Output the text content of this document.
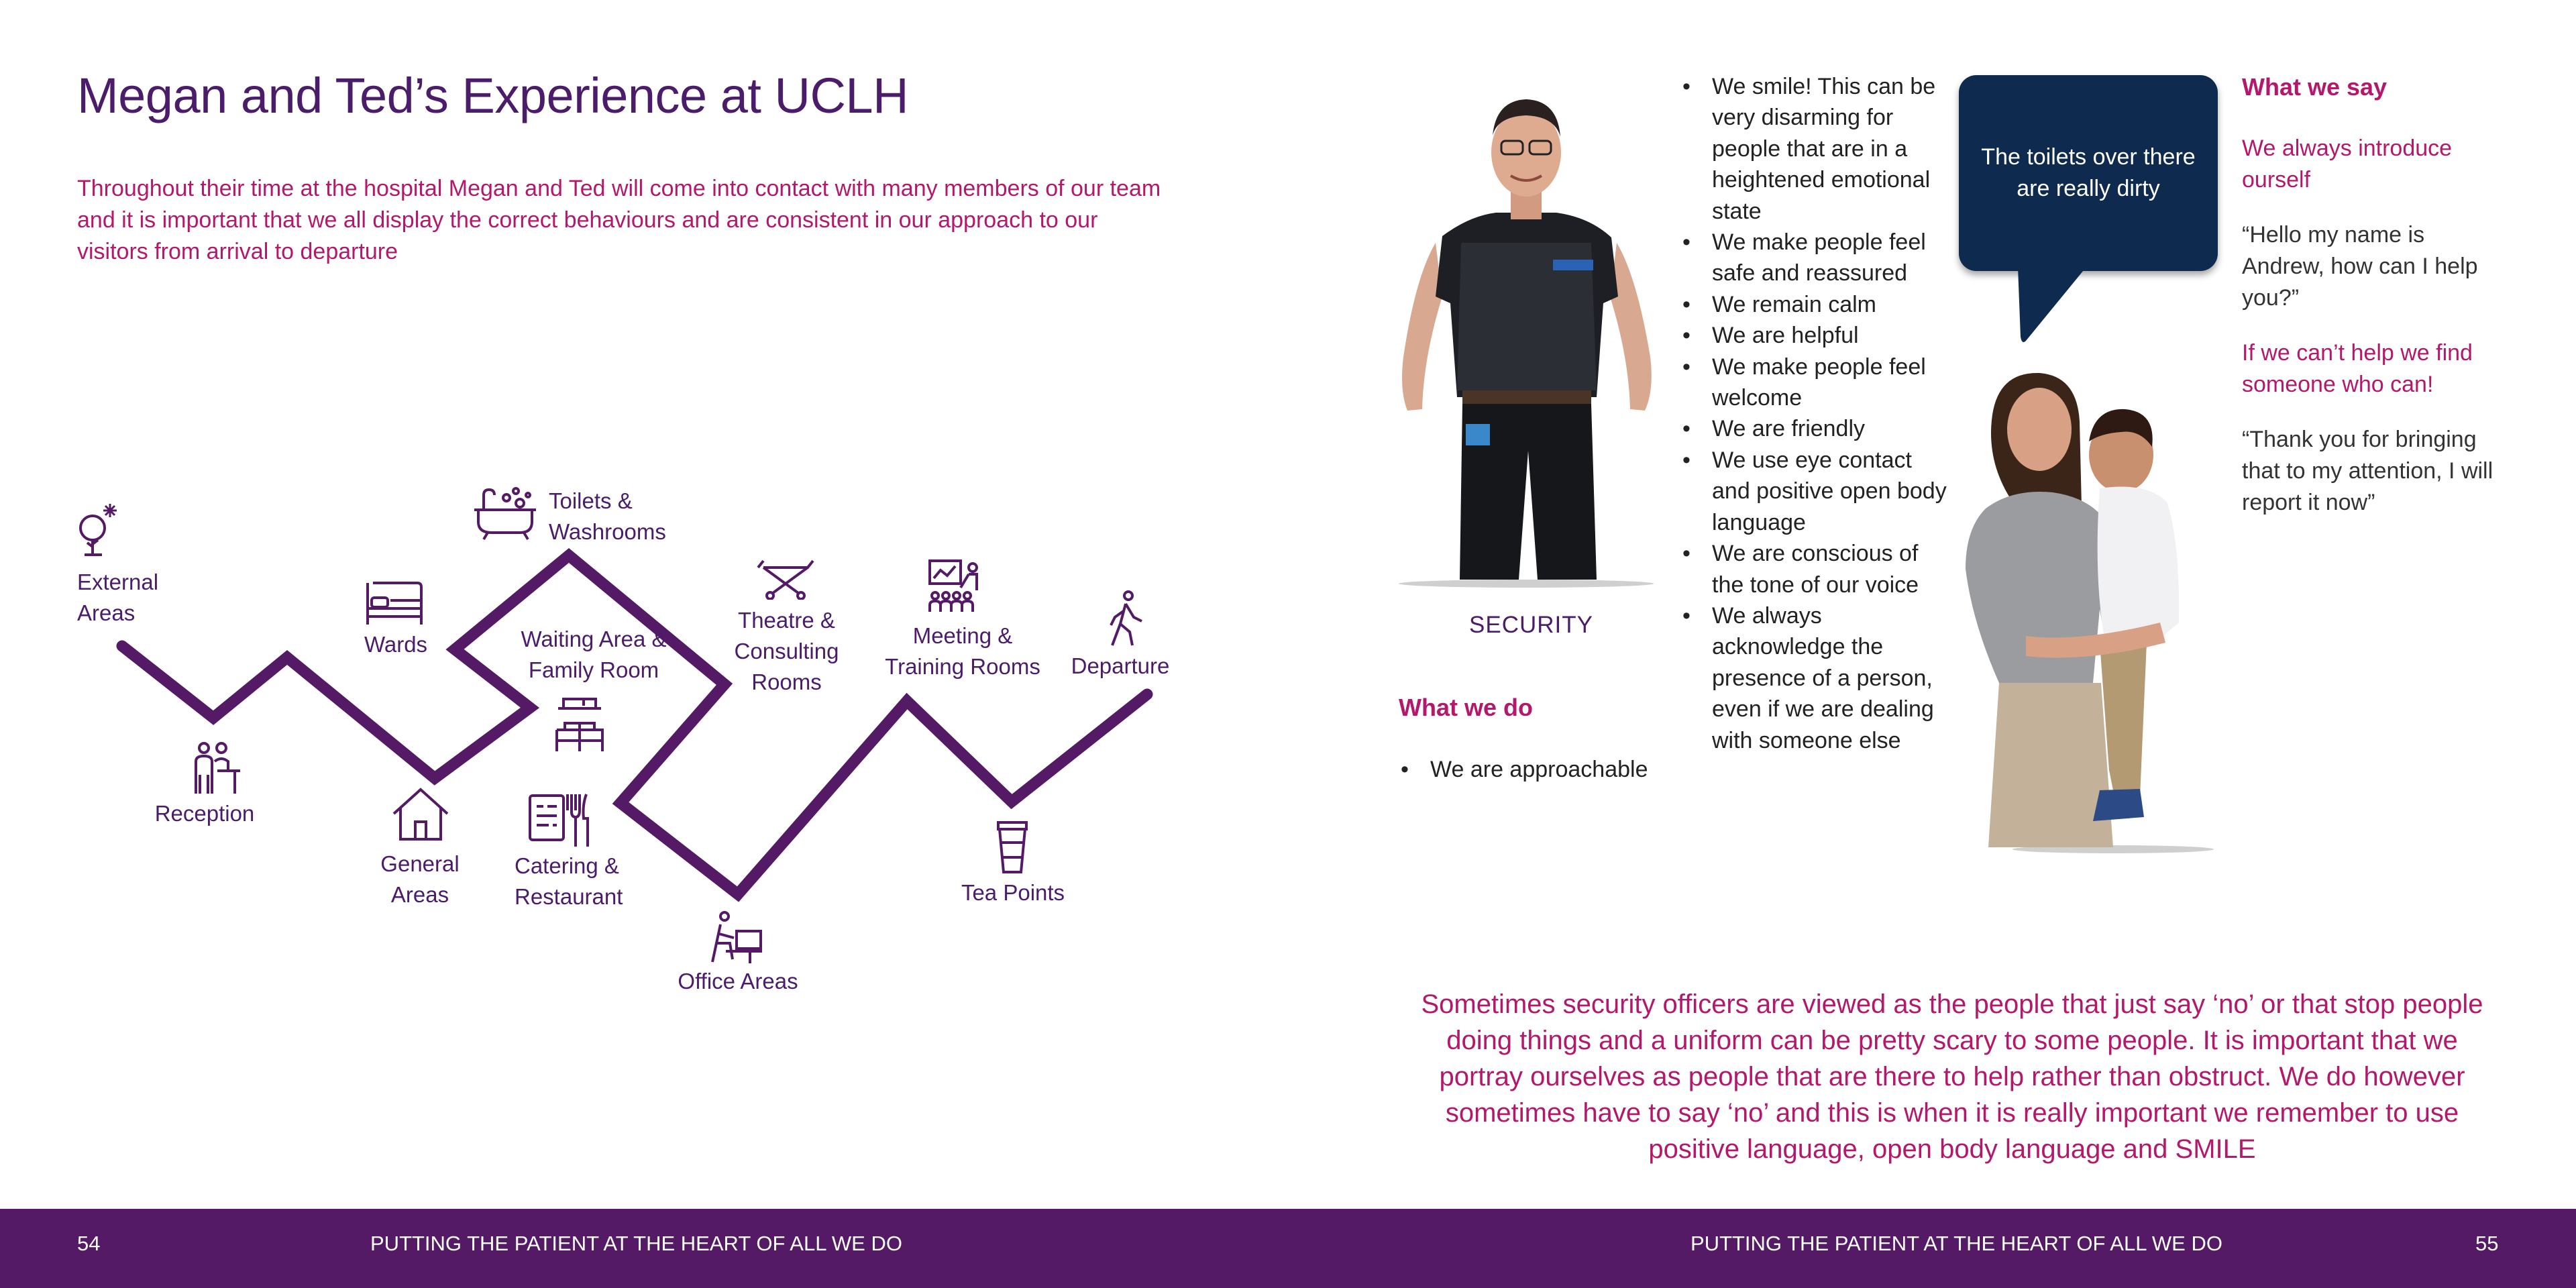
Megan and Ted’s Experience at UCLH
Throughout their time at the hospital Megan and Ted will come into contact with many members of our team and it is important that we all display the correct behaviours and are consistent in our approach to our visitors from arrival to departure
External Areas
Reception
Wards
General Areas
Toilets & Washrooms
Waiting Area & Family Room
Catering & Restaurant
Theatre & Consulting Rooms
Office Areas
Meeting & Training Rooms
Tea Points
Departure
SECURITY
What we do
• We are approachable
• We smile! This can be very disarming for people that are in a heightened emotional state
• We make people feel safe and reassured
• We remain calm
• We are helpful
• We make people feel welcome
• We are friendly
• We use eye contact and positive open body language
• We are conscious of the tone of our voice
• We always acknowledge the presence of a person, even if we are dealing with someone else
The toilets over there are really dirty

What we say

We always introduce ourself

“Hello my name is Andrew, how can I help you?”

If we can’t help we find someone who can!

“Thank you for bringing that to my attention, I will report it now”

Sometimes security officers are viewed as the people that just say ‘no’ or that stop people doing things and a uniform can be pretty scary to some people. It is important that we portray ourselves as people that are there to help rather than obstruct. We do however sometimes have to say ‘no’ and this is when it is really important we remember to use positive language, open body language and SMILE
54	PUTTING THE PATIENT AT THE HEART OF ALL WE DO	PUTTING THE PATIENT AT THE HEART OF ALL WE DO	55
